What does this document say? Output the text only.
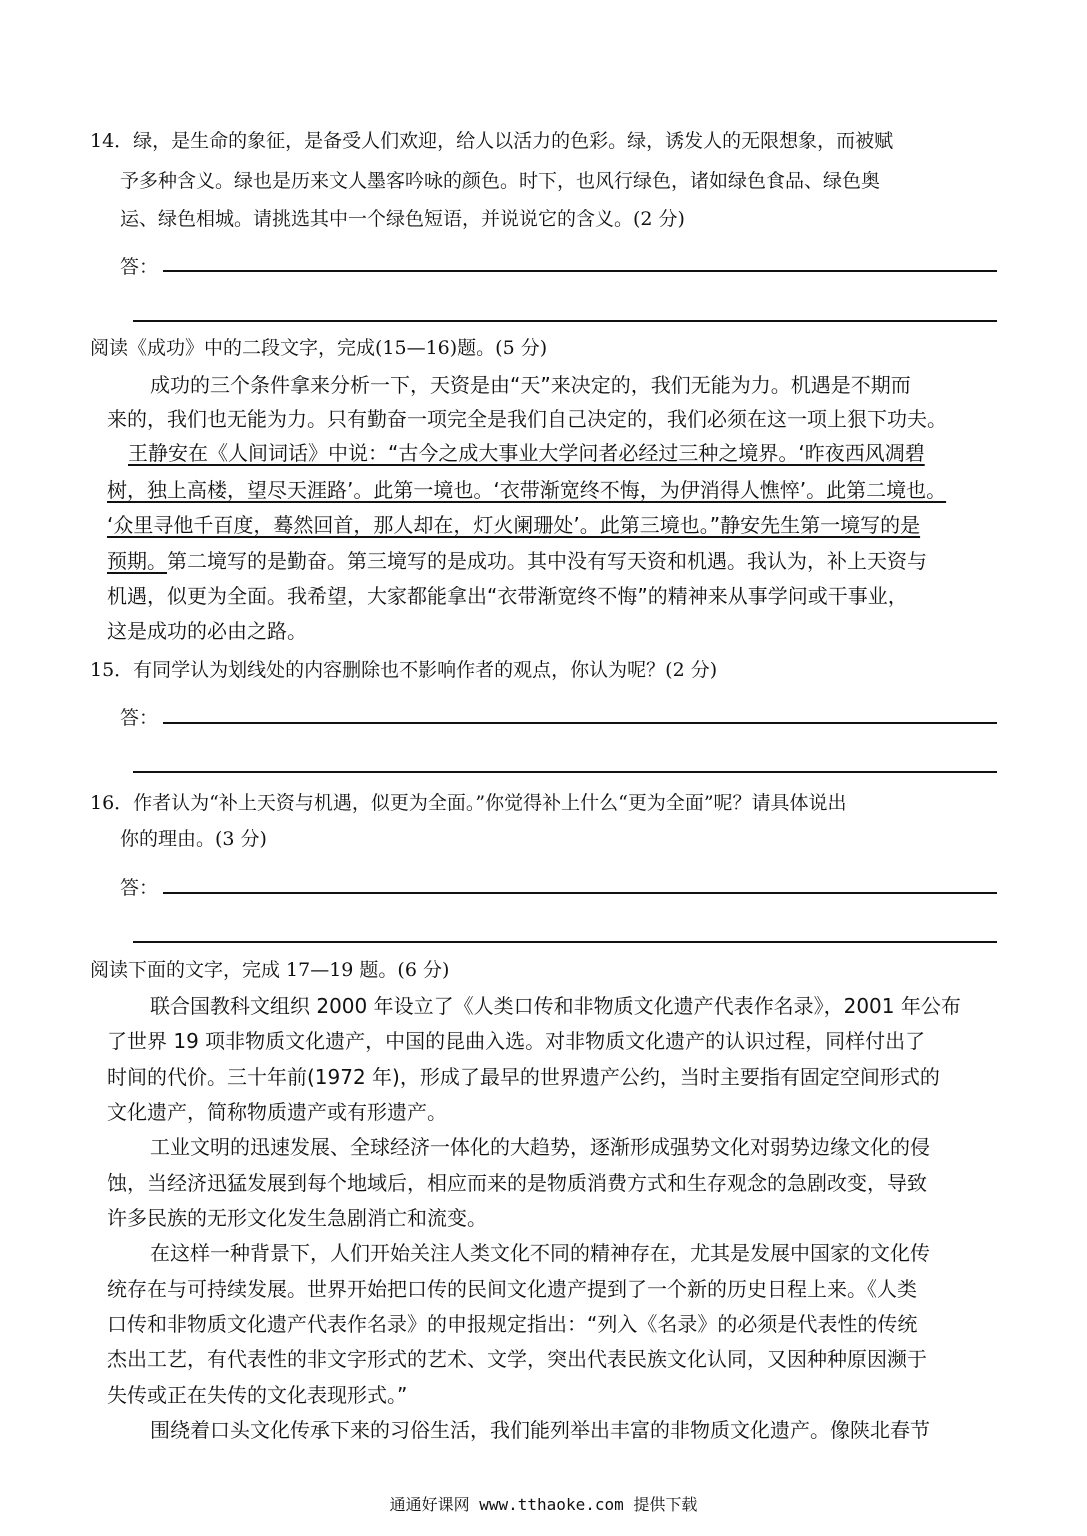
14．绿，是生命的象征，是备受人们欢迎，给人以活力的色彩。绿，诱发人的无限想象，而被赋
予多种含义。绿也是历来文人墨客吟咏的颜色。时下，也风行绿色，诸如绿色食品、绿色奥
运、绿色相城。请挑选其中一个绿色短语，并说说它的含义。(2 分)
答：
阅读《成功》中的二段文字，完成(15—16)题。(5 分)
成功的三个条件拿来分析一下，天资是由“天”来决定的，我们无能为力。机遇是不期而
来的，我们也无能为力。只有勤奋一项完全是我们自己决定的，我们必须在这一项上狠下功夫。
王静安在《人间词话》中说：“古今之成大事业大学问者必经过三种之境界。‘昨夜西风凋碧
树，独上高楼，望尽天涯路’。此第一境也。‘衣带渐宽终不悔，为伊消得人憔悴’。此第二境也。
‘众里寻他千百度，蓦然回首，那人却在，灯火阑珊处’。此第三境也。”静安先生第一境写的是
预期。第二境写的是勤奋。第三境写的是成功。其中没有写天资和机遇。我认为，补上天资与
机遇，似更为全面。我希望，大家都能拿出“衣带渐宽终不悔”的精神来从事学问或干事业，
这是成功的必由之路。
15．有同学认为划线处的内容删除也不影响作者的观点，你认为呢？(2 分)
答：
16．作者认为“补上天资与机遇，似更为全面。”你觉得补上什么“更为全面”呢？请具体说出
你的理由。(3 分)
答：
阅读下面的文字，完成 17—19 题。(6 分)
联合国教科文组织 2000 年设立了《人类口传和非物质文化遗产代表作名录》，2001 年公布
了世界 19 项非物质文化遗产，中国的昆曲入选。对非物质文化遗产的认识过程，同样付出了
时间的代价。三十年前(1972 年)，形成了最早的世界遗产公约，当时主要指有固定空间形式的
文化遗产，简称物质遗产或有形遗产。
工业文明的迅速发展、全球经济一体化的大趋势，逐渐形成强势文化对弱势边缘文化的侵
蚀，当经济迅猛发展到每个地域后，相应而来的是物质消费方式和生存观念的急剧改变，导致
许多民族的无形文化发生急剧消亡和流变。
在这样一种背景下，人们开始关注人类文化不同的精神存在，尤其是发展中国家的文化传
统存在与可持续发展。世界开始把口传的民间文化遗产提到了一个新的历史日程上来。《人类
口传和非物质文化遗产代表作名录》的申报规定指出：“列入《名录》的必须是代表性的传统
杰出工艺，有代表性的非文字形式的艺术、文学，突出代表民族文化认同，又因种种原因濒于
失传或正在失传的文化表现形式。”
围绕着口头文化传承下来的习俗生活，我们能列举出丰富的非物质文化遗产。像陕北春节
通通好课网 www.tthaoke.com 提供下载
